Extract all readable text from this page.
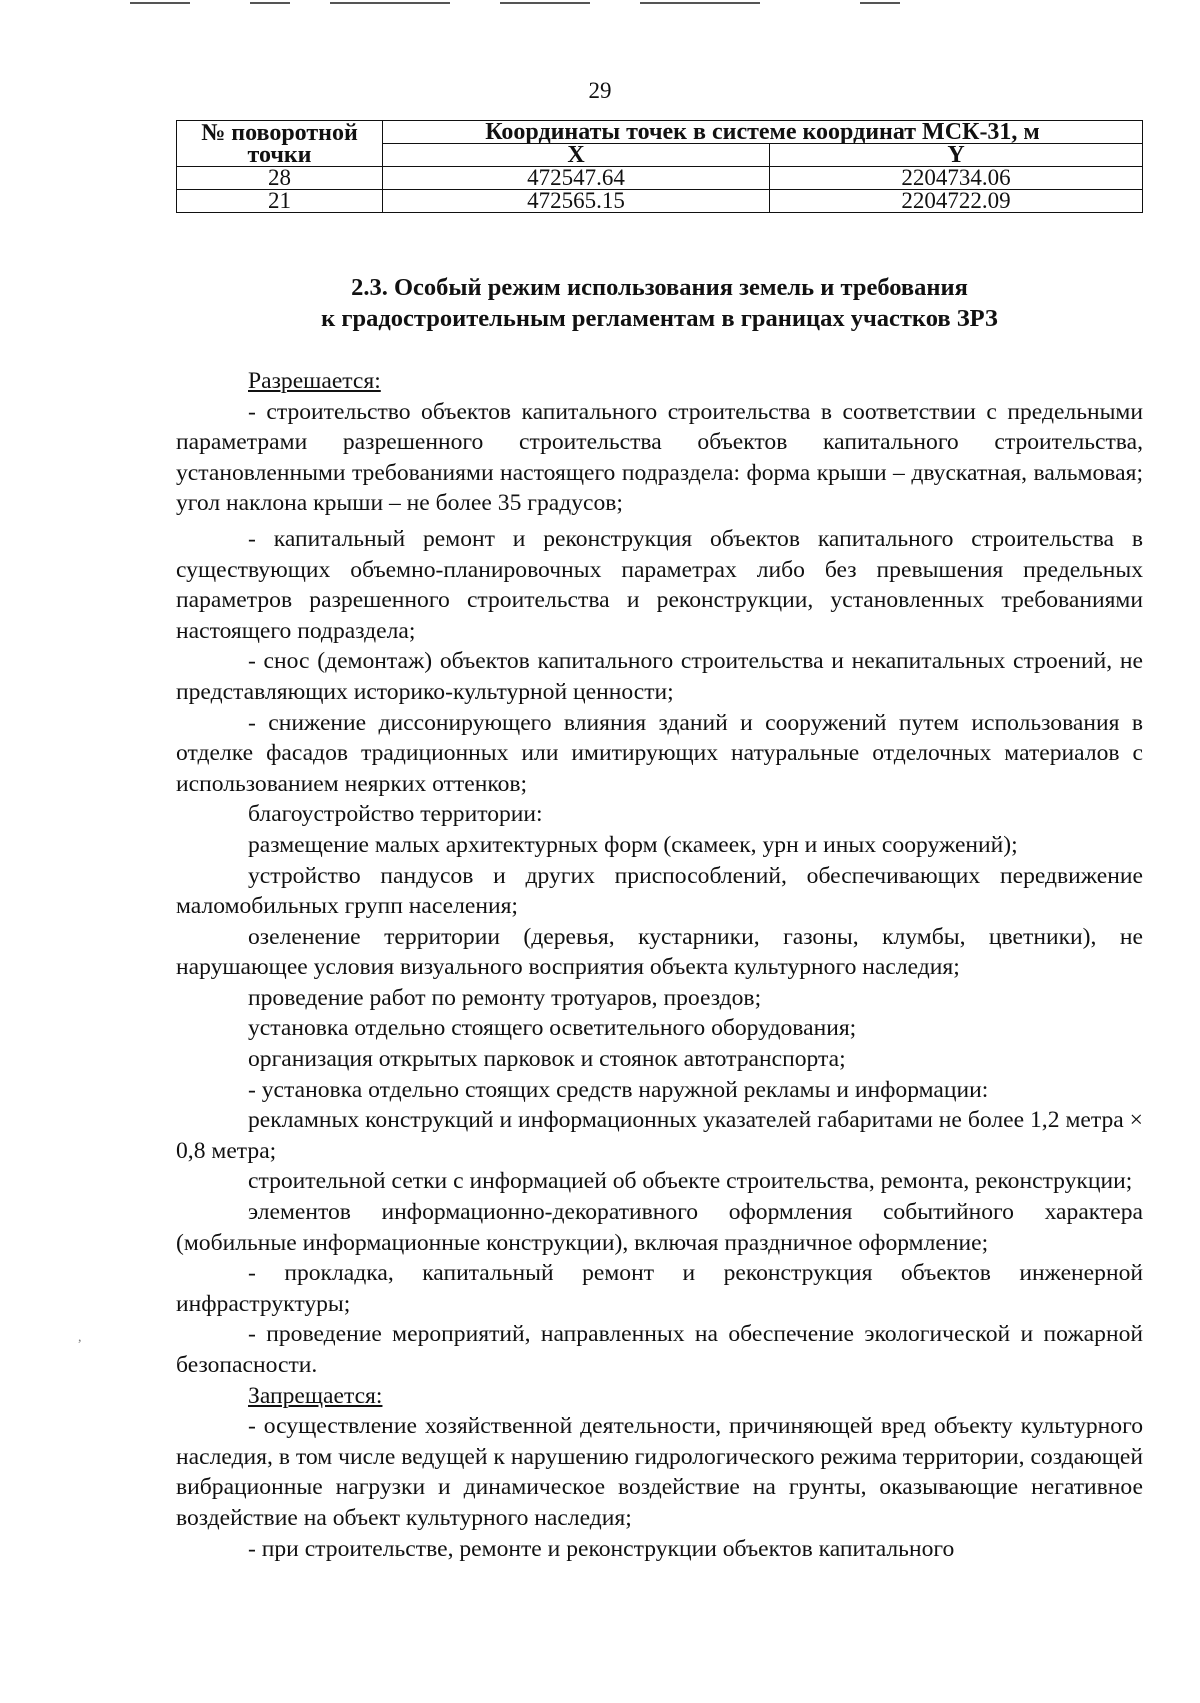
29
№ поворотной точки	Координаты точек в системе координат МСК-31, м	
	X	Y
28	472547.64	2204734.06
21	472565.15	2204722.09
2.3. Особый режим использования земель и требования
к градостроительным регламентам в границах участков ЗРЗ

Разрешается:

- строительство объектов капитального строительства в соответствии с предельными параметрами разрешенного строительства объектов капитального строительства, установленными требованиями настоящего подраздела: форма крыши – двускатная, вальмовая; угол наклона крыши – не более 35 градусов;

- капитальный ремонт и реконструкция объектов капитального строительства в существующих объемно-планировочных параметрах либо без превышения предельных параметров разрешенного строительства и реконструкции, установленных требованиями настоящего подраздела;

- снос (демонтаж) объектов капитального строительства и некапитальных строений, не представляющих историко-культурной ценности;

- снижение диссонирующего влияния зданий и сооружений путем использования в отделке фасадов традиционных или имитирующих натуральные отделочных материалов с использованием неярких оттенков;

благоустройство территории:

размещение малых архитектурных форм (скамеек, урн и иных сооружений);

устройство пандусов и других приспособлений, обеспечивающих передвижение маломобильных групп населения;

озеленение территории (деревья, кустарники, газоны, клумбы, цветники), не нарушающее условия визуального восприятия объекта культурного наследия;

проведение работ по ремонту тротуаров, проездов;

установка отдельно стоящего осветительного оборудования;

организация открытых парковок и стоянок автотранспорта;

- установка отдельно стоящих средств наружной рекламы и информации:

рекламных конструкций и информационных указателей габаритами не более 1,2 метра × 0,8 метра;

строительной сетки с информацией об объекте строительства, ремонта, реконструкции;

элементов информационно-декоративного оформления событийного характера (мобильные информационные конструкции), включая праздничное оформление;

- прокладка, капитальный ремонт и реконструкция объектов инженерной инфраструктуры;

- проведение мероприятий, направленных на обеспечение экологической и пожарной безопасности.

Запрещается:

- осуществление хозяйственной деятельности, причиняющей вред объекту культурного наследия, в том числе ведущей к нарушению гидрологического режима территории, создающей вибрационные нагрузки и динамическое воздействие на грунты, оказывающие негативное воздействие на объект культурного наследия;

- при строительстве, ремонте и реконструкции объектов капитального

,
